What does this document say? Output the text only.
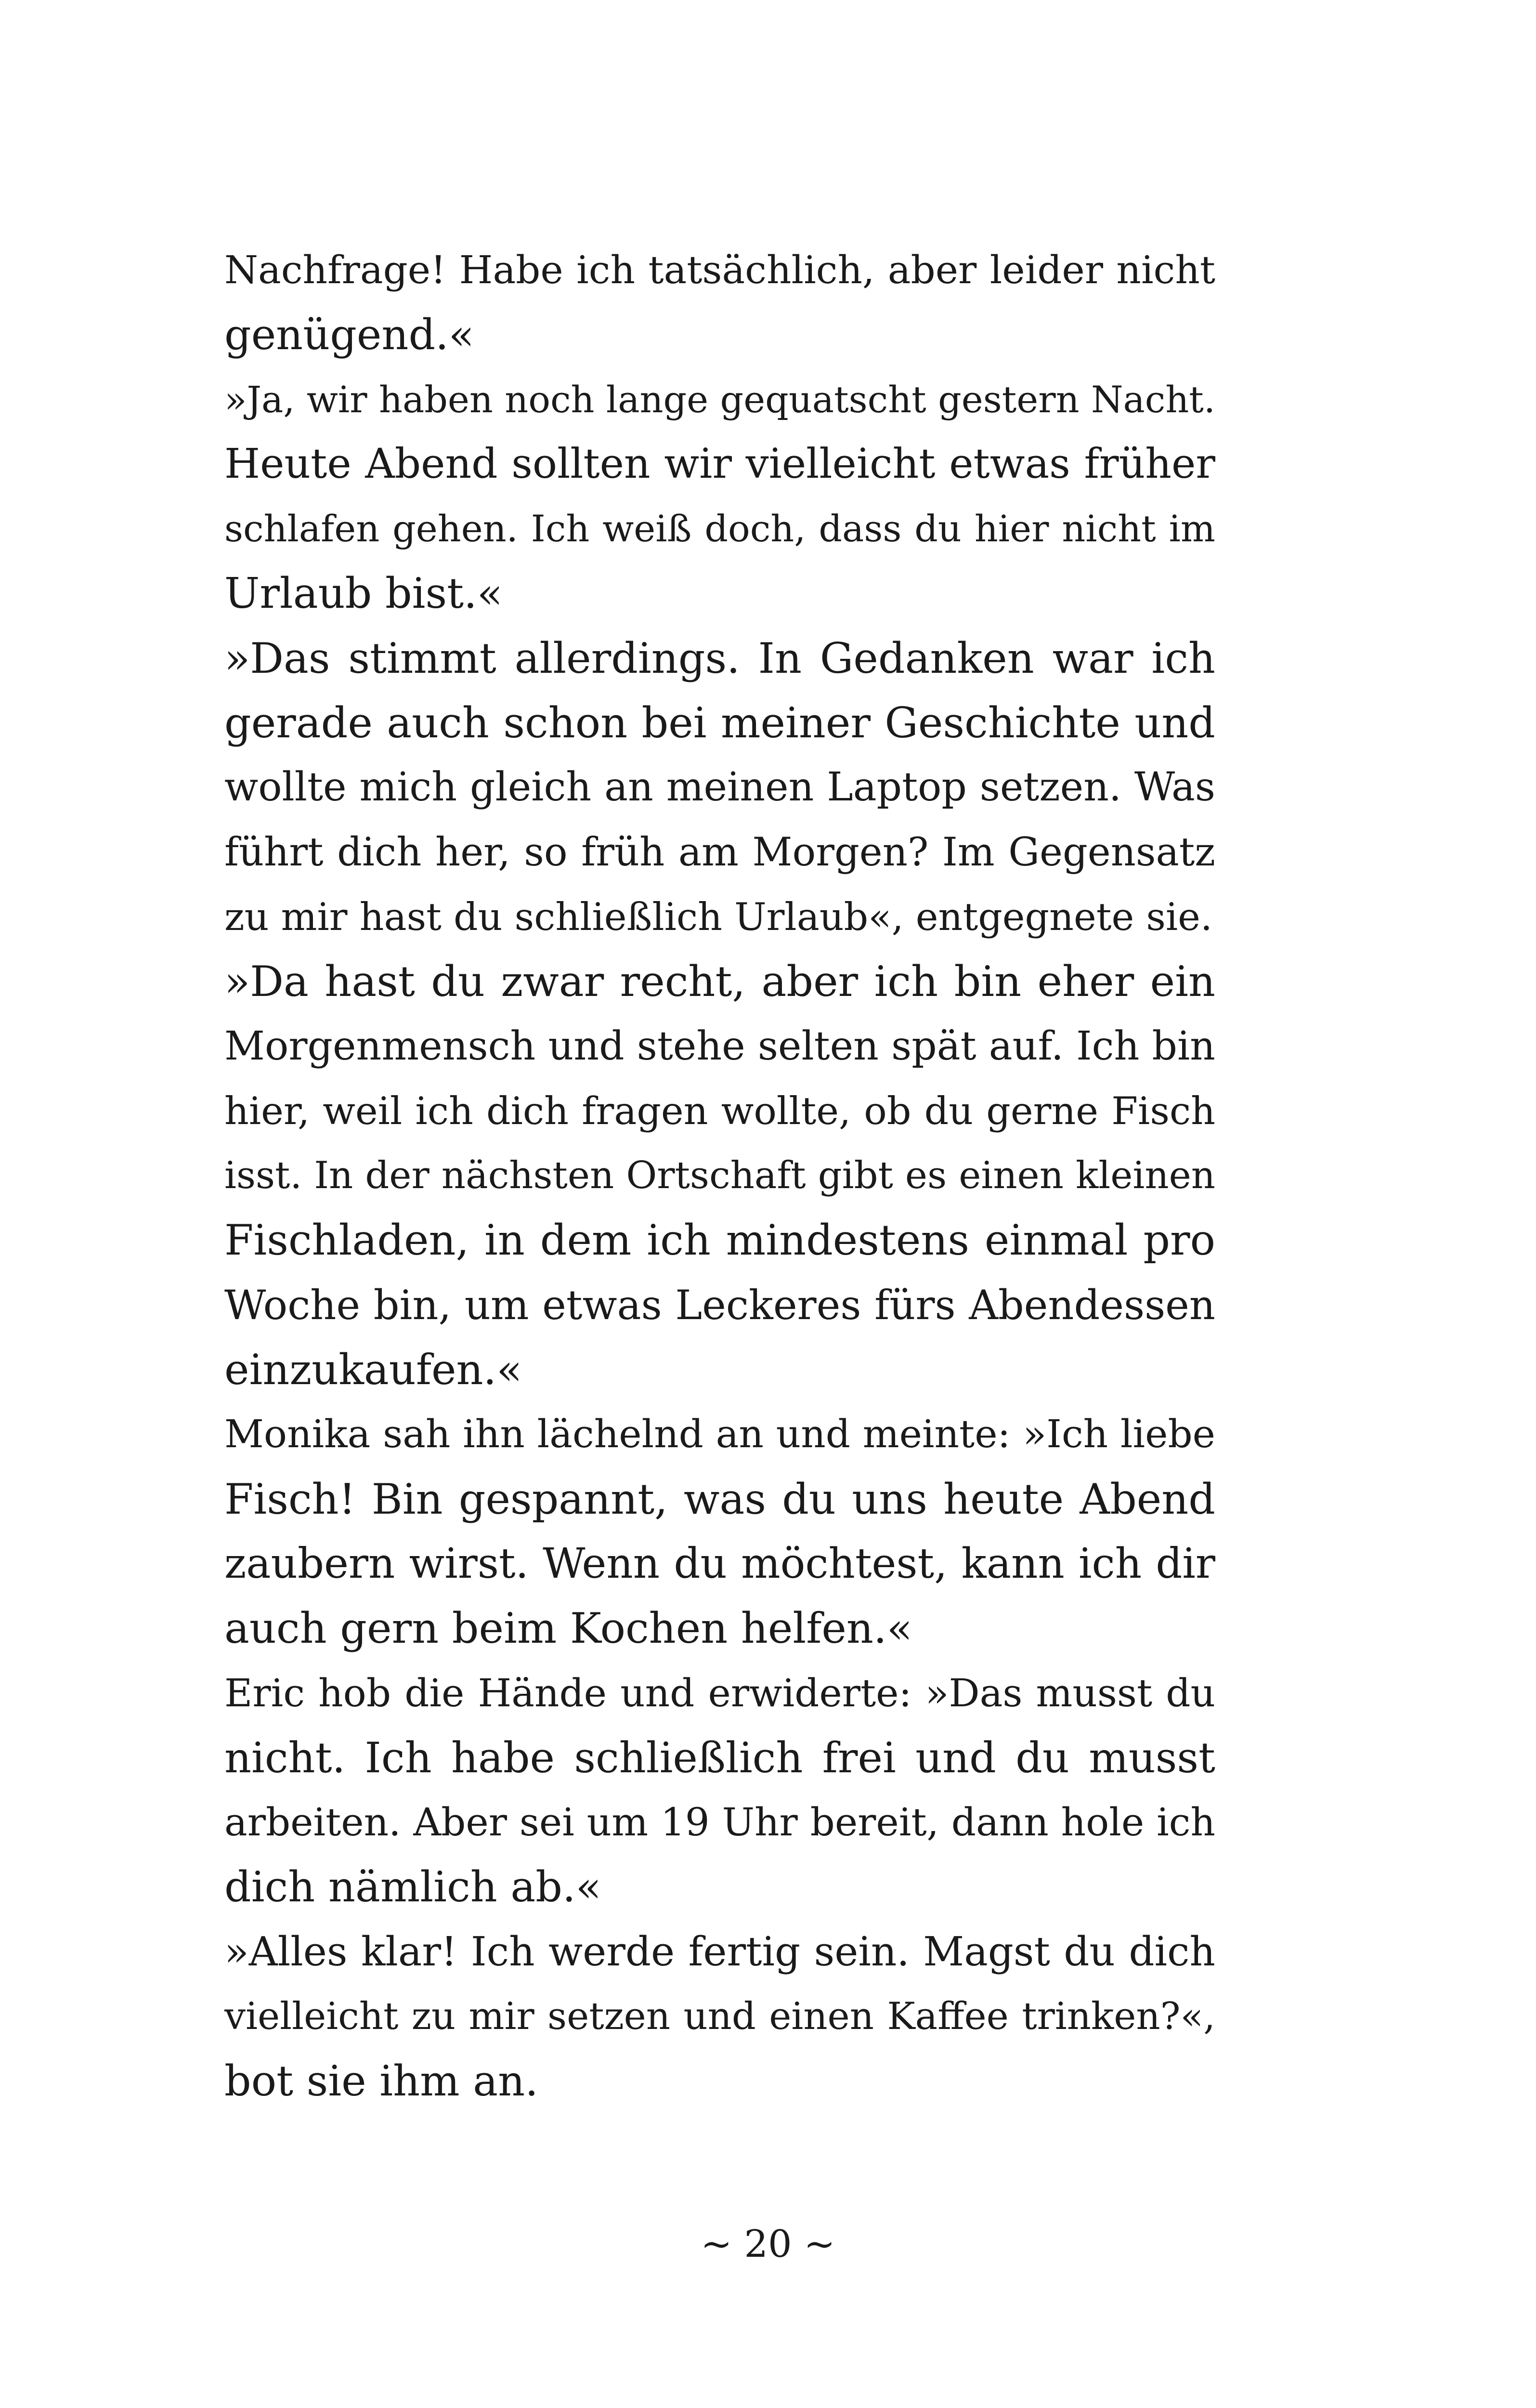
Nachfrage! Habe ich tatsächlich, aber leider nicht
genügend.«
»Ja, wir haben noch lange gequatscht gestern Nacht.
Heute Abend sollten wir vielleicht etwas früher
schlafen gehen. Ich weiß doch, dass du hier nicht im
Urlaub bist.«
»Das stimmt allerdings. In Gedanken war ich
gerade auch schon bei meiner Geschichte und
wollte mich gleich an meinen Laptop setzen. Was
führt dich her, so früh am Morgen? Im Gegensatz
zu mir hast du schließlich Urlaub«, entgegnete sie.
»Da hast du zwar recht, aber ich bin eher ein
Morgenmensch und stehe selten spät auf. Ich bin
hier, weil ich dich fragen wollte, ob du gerne Fisch
isst. In der nächsten Ortschaft gibt es einen kleinen
Fischladen, in dem ich mindestens einmal pro
Woche bin, um etwas Leckeres fürs Abendessen
einzukaufen.«
Monika sah ihn lächelnd an und meinte: »Ich liebe
Fisch! Bin gespannt, was du uns heute Abend
zaubern wirst. Wenn du möchtest, kann ich dir
auch gern beim Kochen helfen.«
Eric hob die Hände und erwiderte: »Das musst du
nicht. Ich habe schließlich frei und du musst
arbeiten. Aber sei um 19 Uhr bereit, dann hole ich
dich nämlich ab.«
»Alles klar! Ich werde fertig sein. Magst du dich
vielleicht zu mir setzen und einen Kaffee trinken?«,
bot sie ihm an.
~ 20 ~
